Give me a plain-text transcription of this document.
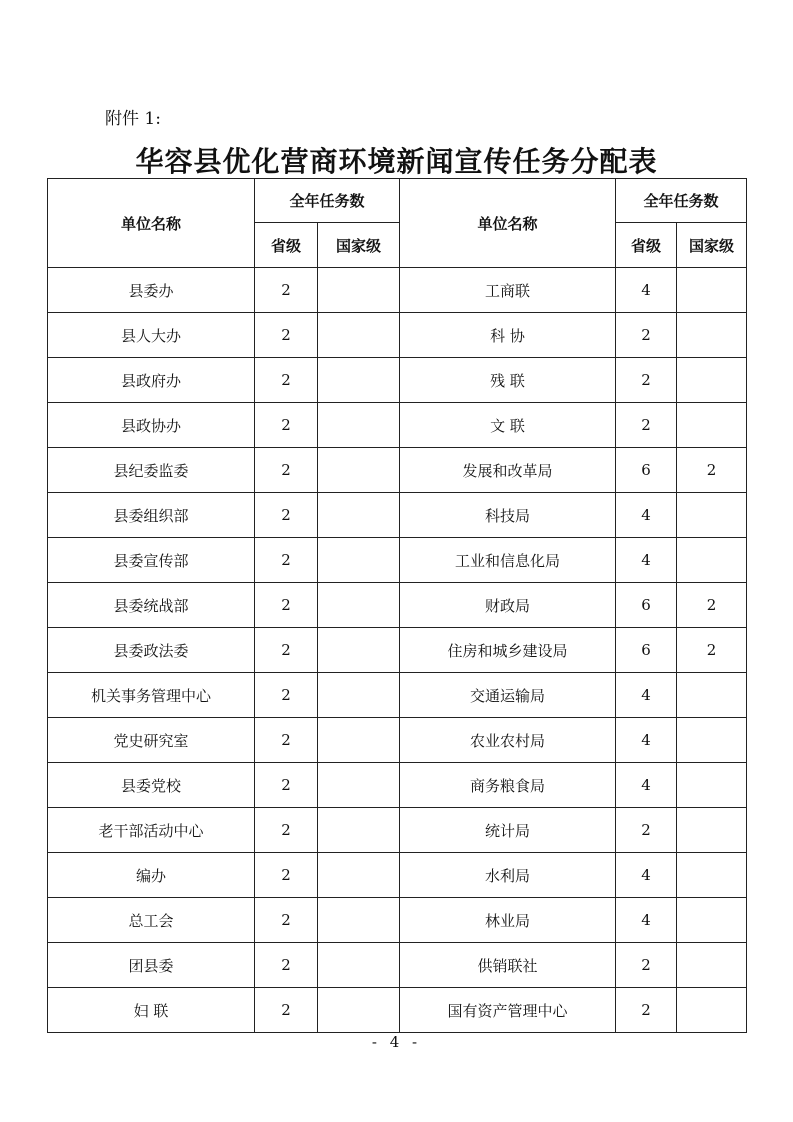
附件 1:
华容县优化营商环境新闻宣传任务分配表
单位名称	全年任务数		单位名称	全年任务数	
	省级	国家级		省级	国家级
县委办	2		工商联	4	
县人大办	2		科 协	2	
县政府办	2		残 联	2	
县政协办	2		文 联	2	
县纪委监委	2		发展和改革局	6	2
县委组织部	2		科技局	4	
县委宣传部	2		工业和信息化局	4	
县委统战部	2		财政局	6	2
县委政法委	2		住房和城乡建设局	6	2
机关事务管理中心	2		交通运输局	4	
党史研究室	2		农业农村局	4	
县委党校	2		商务粮食局	4	
老干部活动中心	2		统计局	2	
编办	2		水利局	4	
总工会	2		林业局	4	
团县委	2		供销联社	2	
妇 联	2		国有资产管理中心	2	
- 4 -
